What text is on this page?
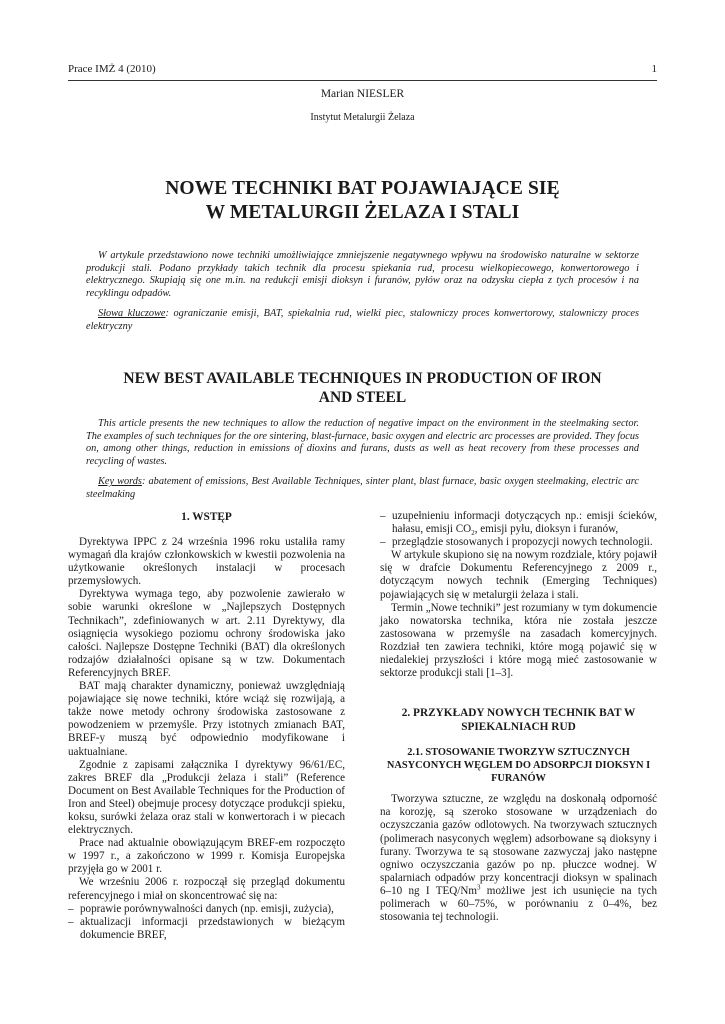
Prace IMŻ 4 (2010)	1
Marian NIESLER
Instytut Metalurgii Żelaza
NOWE TECHNIKI BAT POJAWIAJĄCE SIĘ
W METALURGII ŻELAZA I STALI

W artykule przedstawiono nowe techniki umożliwiające zmniejszenie negatywnego wpływu na środowisko naturalne w sektorze produkcji stali. Podano przykłady takich technik dla procesu spiekania rud, procesu wielkopiecowego, konwertorowego i elektrycznego. Skupiają się one m.in. na redukcji emisji dioksyn i furanów, pyłów oraz na odzysku ciepła z tych procesów i na recyklingu odpadów.

Słowa kluczowe: ograniczanie emisji, BAT, spiekalnia rud, wielki piec, stalowniczy proces konwertorowy, stalowniczy proces elektryczny

NEW BEST AVAILABLE TECHNIQUES IN PRODUCTION OF IRON
AND STEEL

This article presents the new techniques to allow the reduction of negative impact on the environment in the steelmaking sector. The examples of such techniques for the ore sintering, blast-furnace, basic oxygen and electric arc processes are provided. They focus on, among other things, reduction in emissions of dioxins and furans, dusts as well as heat recovery from these processes and recycling of wastes.

Key words: abatement of emissions, Best Available Techniques, sinter plant, blast furnace, basic oxygen steelmaking, electric arc steelmaking

1. WSTĘP

Dyrektywa IPPC z 24 września 1996 roku ustaliła ramy wymagań dla krajów członkowskich w kwestii pozwolenia na użytkowanie określonych instalacji w procesach przemysłowych.

Dyrektywa wymaga tego, aby pozwolenie zawierało w sobie warunki określone w „Najlepszych Dostępnych Technikach”, zdefiniowanych w art. 2.11 Dyrektywy, dla osiągnięcia wysokiego poziomu ochrony środowiska jako całości. Najlepsze Dostępne Techniki (BAT) dla określonych rodzajów działalności opisane są w tzw. Dokumentach Referencyjnych BREF.

BAT mają charakter dynamiczny, ponieważ uwzględniają pojawiające się nowe techniki, które wciąż się rozwijają, a także nowe metody ochrony środowiska zastosowane z powodzeniem w przemyśle. Przy istotnych zmianach BAT, BREF-y muszą być odpowiednio modyfikowane i uaktualniane.

Zgodnie z zapisami załącznika I dyrektywy 96/61/EC, zakres BREF dla „Produkcji żelaza i stali” (Reference Document on Best Available Techniques for the Production of Iron and Steel) obejmuje procesy dotyczące produkcji spieku, koksu, surówki żelaza oraz stali w konwertorach i w piecach elektrycznych.

Prace nad aktualnie obowiązującym BREF-em rozpoczęto w 1997 r., a zakończono w 1999 r. Komisja Europejska przyjęła go w 2001 r.

We wrześniu 2006 r. rozpoczął się przegląd dokumentu referencyjnego i miał on skoncentrować się na:

– poprawie porównywalności danych (np. emisji, zużycia),
– aktualizacji informacji przedstawionych w bieżącym dokumencie BREF,
– uzupełnieniu informacji dotyczących np.: emisji ścieków, hałasu, emisji $CO_2$, emisji pyłu, dioksyn i furanów,
– przeglądzie stosowanych i propozycji nowych technologii.

W artykule skupiono się na nowym rozdziale, który pojawił się w drafcie Dokumentu Referencyjnego z 2009 r., dotyczącym nowych technik (Emerging Techniques) pojawiających się w metalurgii żelaza i stali.

Termin „Nowe techniki” jest rozumiany w tym dokumencie jako nowatorska technika, która nie została jeszcze zastosowana w przemyśle na zasadach komercyjnych. Rozdział ten zawiera techniki, które mogą pojawić się w niedalekiej przyszłości i które mogą mieć zastosowanie w sektorze produkcji stali [1–3].

2. PRZYKŁADY NOWYCH TECHNIK BAT W SPIEKALNIACH RUD
2.1. STOSOWANIE TWORZYW SZTUCZNYCH NASYCONYCH WĘGLEM DO ADSORPCJI DIOKSYN I FURANÓW

Tworzywa sztuczne, ze względu na doskonałą odporność na korozję, są szeroko stosowane w urządzeniach do oczyszczania gazów odlotowych. Na tworzywach sztucznych (polimerach nasyconych węglem) adsorbowane są dioksyny i furany. Tworzywa te są stosowane zazwyczaj jako następne ogniwo oczyszczania gazów po np. płuczce wodnej. W spalarniach odpadów przy koncentracji dioksyn w spalinach 6–10 ng I TEQ/Nm$^3$ możliwe jest ich usunięcie na tych polimerach w 60–75%, w porównaniu z 0–4%, bez stosowania tej technologii.
